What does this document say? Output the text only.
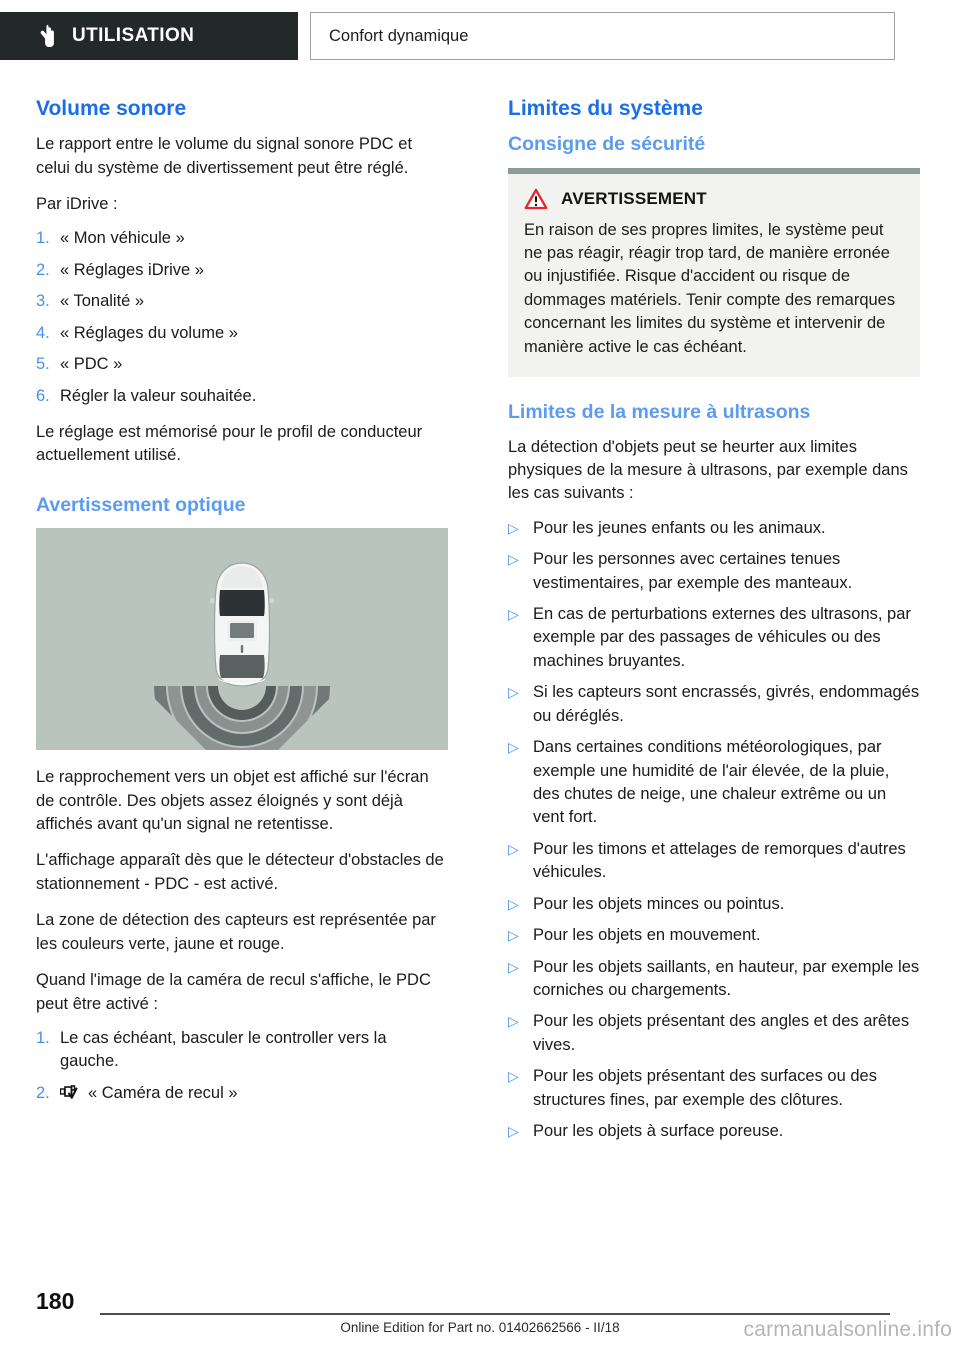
UTILISATION	Confort dynamique
Volume sonore

Le rapport entre le volume du signal sonore PDC et celui du système de divertissement peut être réglé.

Par iDrive :

1. « Mon véhicule »
2. « Réglages iDrive »
3. « Tonalité »
4. « Réglages du volume »
5. « PDC »
6. Régler la valeur souhaitée.

Le réglage est mémorisé pour le profil de conducteur actuellement utilisé.

Avertissement optique

Le rapprochement vers un objet est affiché sur l'écran de contrôle. Des objets assez éloignés y sont déjà affichés avant qu'un signal ne retentisse.

L'affichage apparaît dès que le détecteur d'obstacles de stationnement - PDC - est activé.

La zone de détection des capteurs est représentée par les couleurs verte, jaune et rouge.

Quand l'image de la caméra de recul s'affiche, le PDC peut être activé :

1. Le cas échéant, basculer le controller vers la gauche.
2.	« Caméra de recul »
Limites du système
Consigne de sécurité
AVERTISSEMENT

En raison de ses propres limites, le système peut ne pas réagir, réagir trop tard, de manière erronée ou injustifiée. Risque d'accident ou risque de dommages matériels. Tenir compte des remarques concernant les limites du système et intervenir de manière active le cas échéant.

Limites de la mesure à ultrasons

La détection d'objets peut se heurter aux limites physiques de la mesure à ultrasons, par exemple dans les cas suivants :

▷ Pour les jeunes enfants ou les animaux.
▷ Pour les personnes avec certaines tenues vestimentaires, par exemple des manteaux.
▷ En cas de perturbations externes des ultrasons, par exemple par des passages de véhicules ou des machines bruyantes.
▷ Si les capteurs sont encrassés, givrés, endommagés ou déréglés.
▷ Dans certaines conditions météorologiques, par exemple une humidité de l'air élevée, de la pluie, des chutes de neige, une chaleur extrême ou un vent fort.
▷ Pour les timons et attelages de remorques d'autres véhicules.
▷ Pour les objets minces ou pointus.
▷ Pour les objets en mouvement.
▷ Pour les objets saillants, en hauteur, par exemple les corniches ou chargements.
▷ Pour les objets présentant des angles et des arêtes vives.
▷ Pour les objets présentant des surfaces ou des structures fines, par exemple des clôtures.
▷ Pour les objets à surface poreuse.
180
Online Edition for Part no. 01402662566 - II/18	carmanualsonline.info
